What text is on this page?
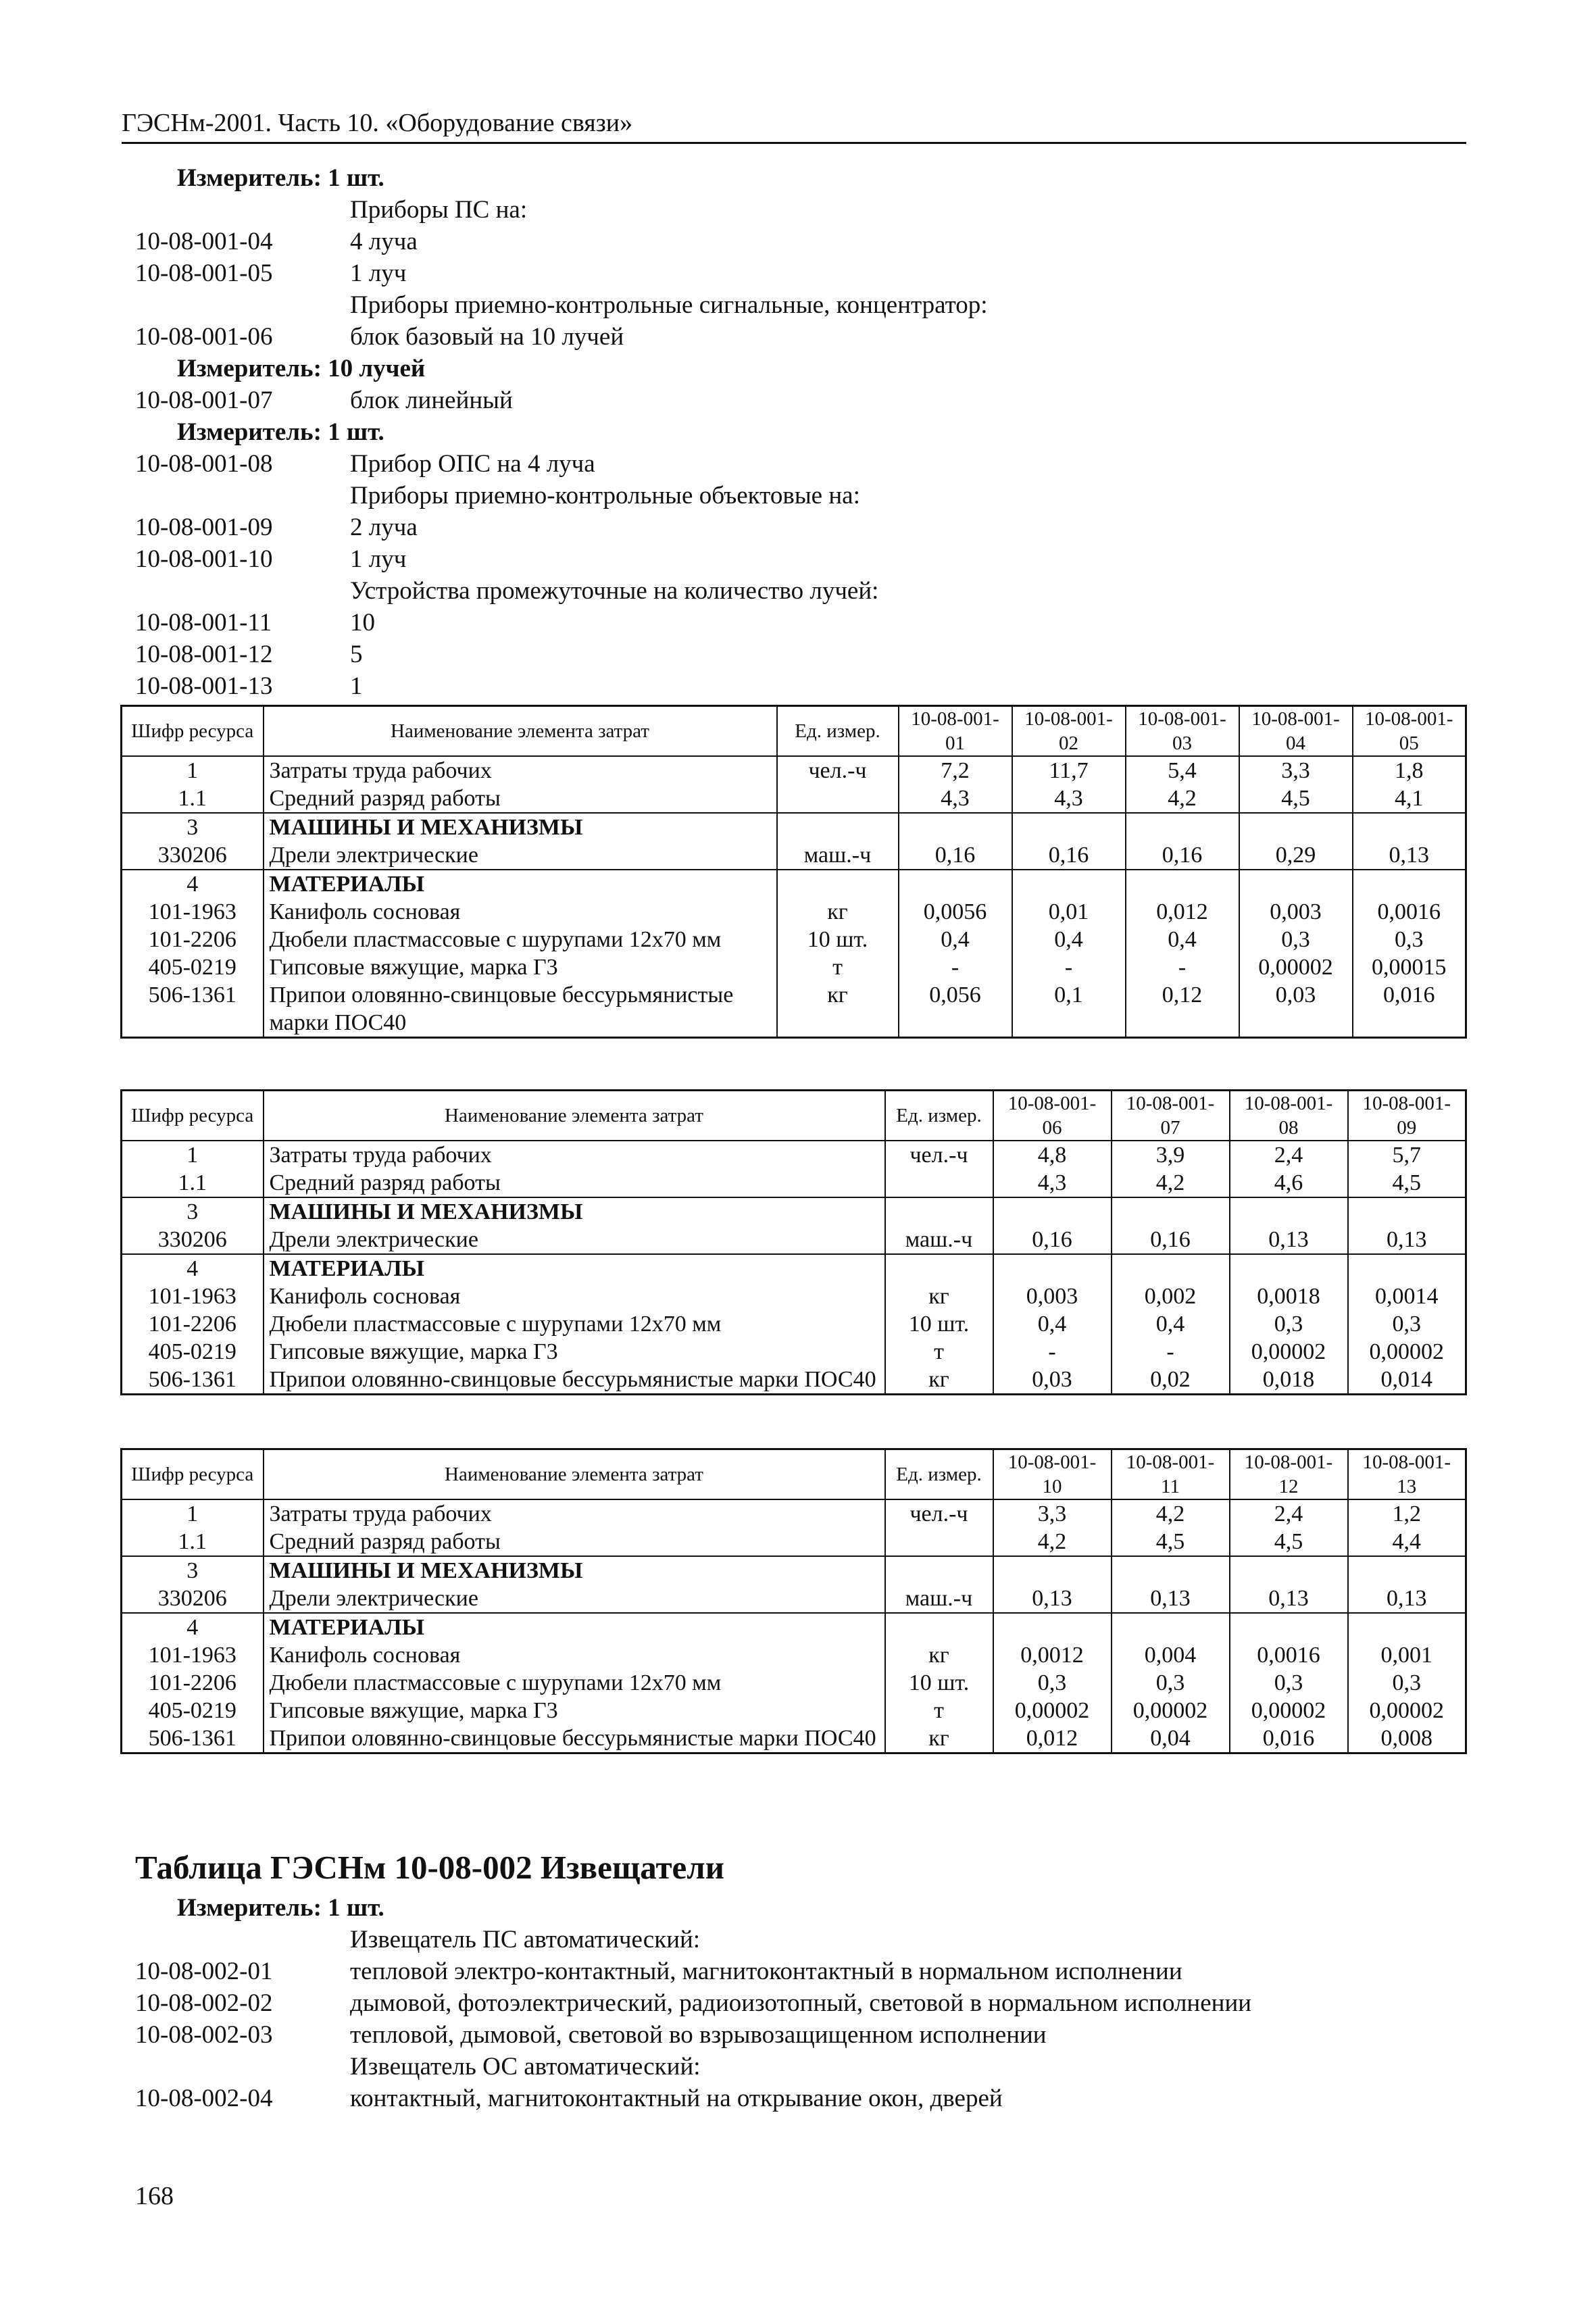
ГЭСНм-2001. Часть 10. «Оборудование связи»
Измеритель: 1 шт.
Приборы ПС на:
10-08-001-04	4 луча
10-08-001-05	1 луч
Приборы приемно-контрольные сигнальные, концентратор:
10-08-001-06	блок базовый на 10 лучей
Измеритель: 10 лучей
10-08-001-07	блок линейный
Измеритель: 1 шт.
10-08-001-08	Прибор ОПС на 4 луча
Приборы приемно-контрольные объектовые на:
10-08-001-09	2 луча
10-08-001-10	1 луч
Устройства промежуточные на количество лучей:
10-08-001-11	10
10-08-001-12	5
10-08-001-13	1
Шифр ресурса	Наименование элемента затрат	Ед. измер.	10-08-001-01	10-08-001-02	10-08-001-03	10-08-001-04	10-08-001-05
1	Затраты труда рабочих	чел.-ч	7,2	11,7	5,4	3,3	1,8
1.1	Средний разряд работы		4,3	4,3	4,2	4,5	4,1
3	МАШИНЫ И МЕХАНИЗМЫ						
330206	Дрели электрические	маш.-ч	0,16	0,16	0,16	0,29	0,13
4	МАТЕРИАЛЫ						
101-1963	Канифоль сосновая	кг	0,0056	0,01	0,012	0,003	0,0016
101-2206	Дюбели пластмассовые с шурупами 12х70 мм	10 шт.	0,4	0,4	0,4	0,3	0,3
405-0219	Гипсовые вяжущие, марка Г3	т	-	-	-	0,00002	0,00015
506-1361	Припои оловянно-свинцовые бессурьмянистые марки ПОС40	кг	0,056	0,1	0,12	0,03	0,016
Шифр ресурса	Наименование элемента затрат	Ед. измер.	10-08-001-06	10-08-001-07	10-08-001-08	10-08-001-09
1	Затраты труда рабочих	чел.-ч	4,8	3,9	2,4	5,7
1.1	Средний разряд работы		4,3	4,2	4,6	4,5
3	МАШИНЫ И МЕХАНИЗМЫ					
330206	Дрели электрические	маш.-ч	0,16	0,16	0,13	0,13
4	МАТЕРИАЛЫ					
101-1963	Канифоль сосновая	кг	0,003	0,002	0,0018	0,0014
101-2206	Дюбели пластмассовые с шурупами 12х70 мм	10 шт.	0,4	0,4	0,3	0,3
405-0219	Гипсовые вяжущие, марка Г3	т	-	-	0,00002	0,00002
506-1361	Припои оловянно-свинцовые бессурьмянистые марки ПОС40	кг	0,03	0,02	0,018	0,014
Шифр ресурса	Наименование элемента затрат	Ед. измер.	10-08-001-10	10-08-001-11	10-08-001-12	10-08-001-13
1	Затраты труда рабочих	чел.-ч	3,3	4,2	2,4	1,2
1.1	Средний разряд работы		4,2	4,5	4,5	4,4
3	МАШИНЫ И МЕХАНИЗМЫ					
330206	Дрели электрические	маш.-ч	0,13	0,13	0,13	0,13
4	МАТЕРИАЛЫ					
101-1963	Канифоль сосновая	кг	0,0012	0,004	0,0016	0,001
101-2206	Дюбели пластмассовые с шурупами 12х70 мм	10 шт.	0,3	0,3	0,3	0,3
405-0219	Гипсовые вяжущие, марка Г3	т	0,00002	0,00002	0,00002	0,00002
506-1361	Припои оловянно-свинцовые бессурьмянистые марки ПОС40	кг	0,012	0,04	0,016	0,008
Таблица ГЭСНм 10-08-002 Извещатели
Измеритель: 1 шт.
Извещатель ПС автоматический:
10-08-002-01	тепловой электро-контактный, магнитоконтактный в нормальном исполнении
10-08-002-02	дымовой, фотоэлектрический, радиоизотопный, световой в нормальном исполнении
10-08-002-03	тепловой, дымовой, световой во взрывозащищенном исполнении
Извещатель ОС автоматический:
10-08-002-04	контактный, магнитоконтактный на открывание окон, дверей
168
